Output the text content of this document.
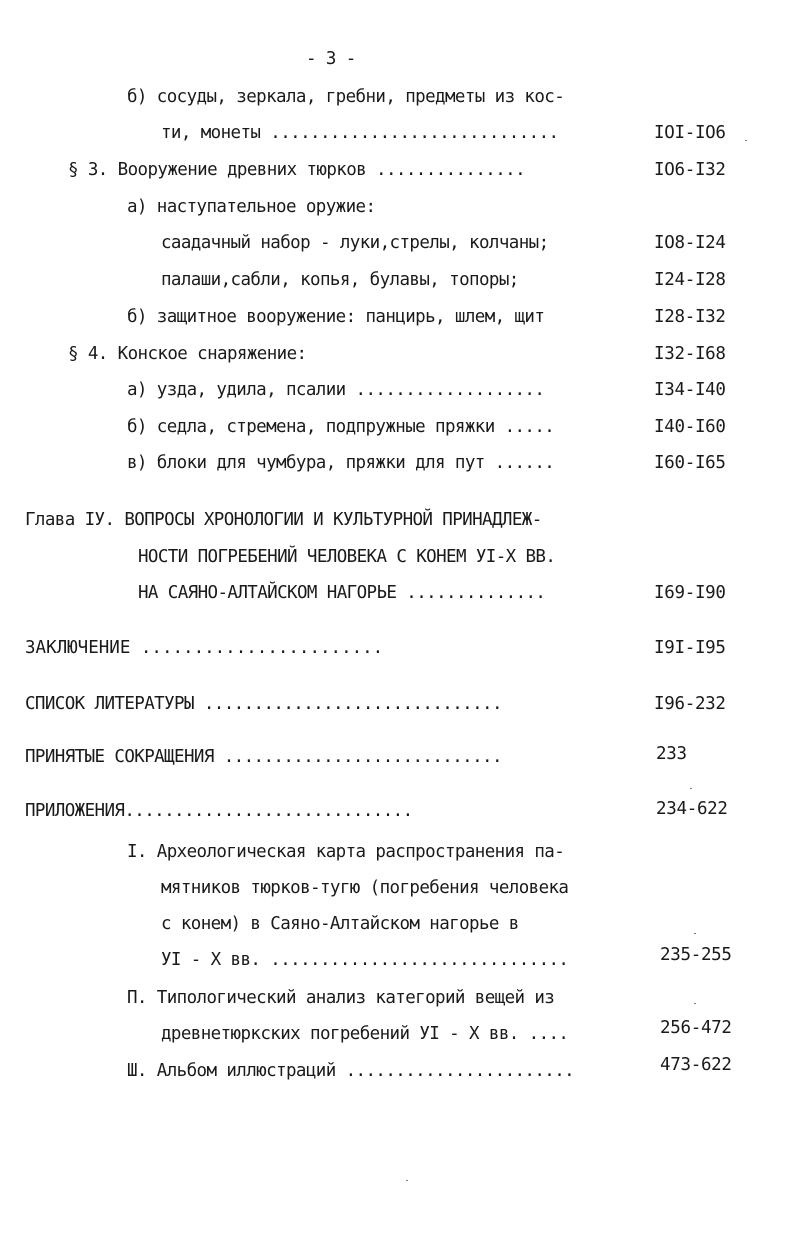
- 3 -
б) сосуды, зеркала, гребни, предметы из кос-
ти, монеты .............................	IOI-IO6
§ 3. Вооружение древних тюрков ...............	IO6-I32
а) наступательное оружие:
саадачный набор - луки,стрелы, колчаны;	IO8-I24
палаши,сабли, копья, булавы, топоры;	I24-I28
б) защитное вооружение: панцирь, шлем, щит	I28-I32
§ 4. Конское снаряжение:	I32-I68
а) узда, удила, псалии ...................	I34-I40
б) седла, стремена, подпружные пряжки .....	I40-I60
в) блоки для чумбура, пряжки для пут ......	I60-I65
Глава IУ. ВОПРОСЫ ХРОНОЛОГИИ И КУЛЬТУРНОЙ ПРИНАДЛЕЖ-
НОСТИ ПОГРЕБЕНИЙ ЧЕЛОВЕКА С КОНЕМ УI-X ВВ.
НА САЯНО-АЛТАЙСКОМ НАГОРЬЕ ..............	I69-I90
ЗАКЛЮЧЕНИЕ .......................	I9I-I95
СПИСОК ЛИТЕРАТУРЫ ..............................	I96-232
ПРИНЯТЫЕ СОКРАЩЕНИЯ ............................	233
ПРИЛОЖЕНИЯ.............................	234-622
I. Археологическая карта распространения па-
мятников тюрков-тугю (погребения человека
с конем) в Саяно-Алтайском нагорье в
УI - X вв. ..............................	235-255
П. Типологический анализ категорий вещей из
древнетюркских погребений УI - X вв. ....	256-472
Ш. Альбом иллюстраций .......................	473-622
